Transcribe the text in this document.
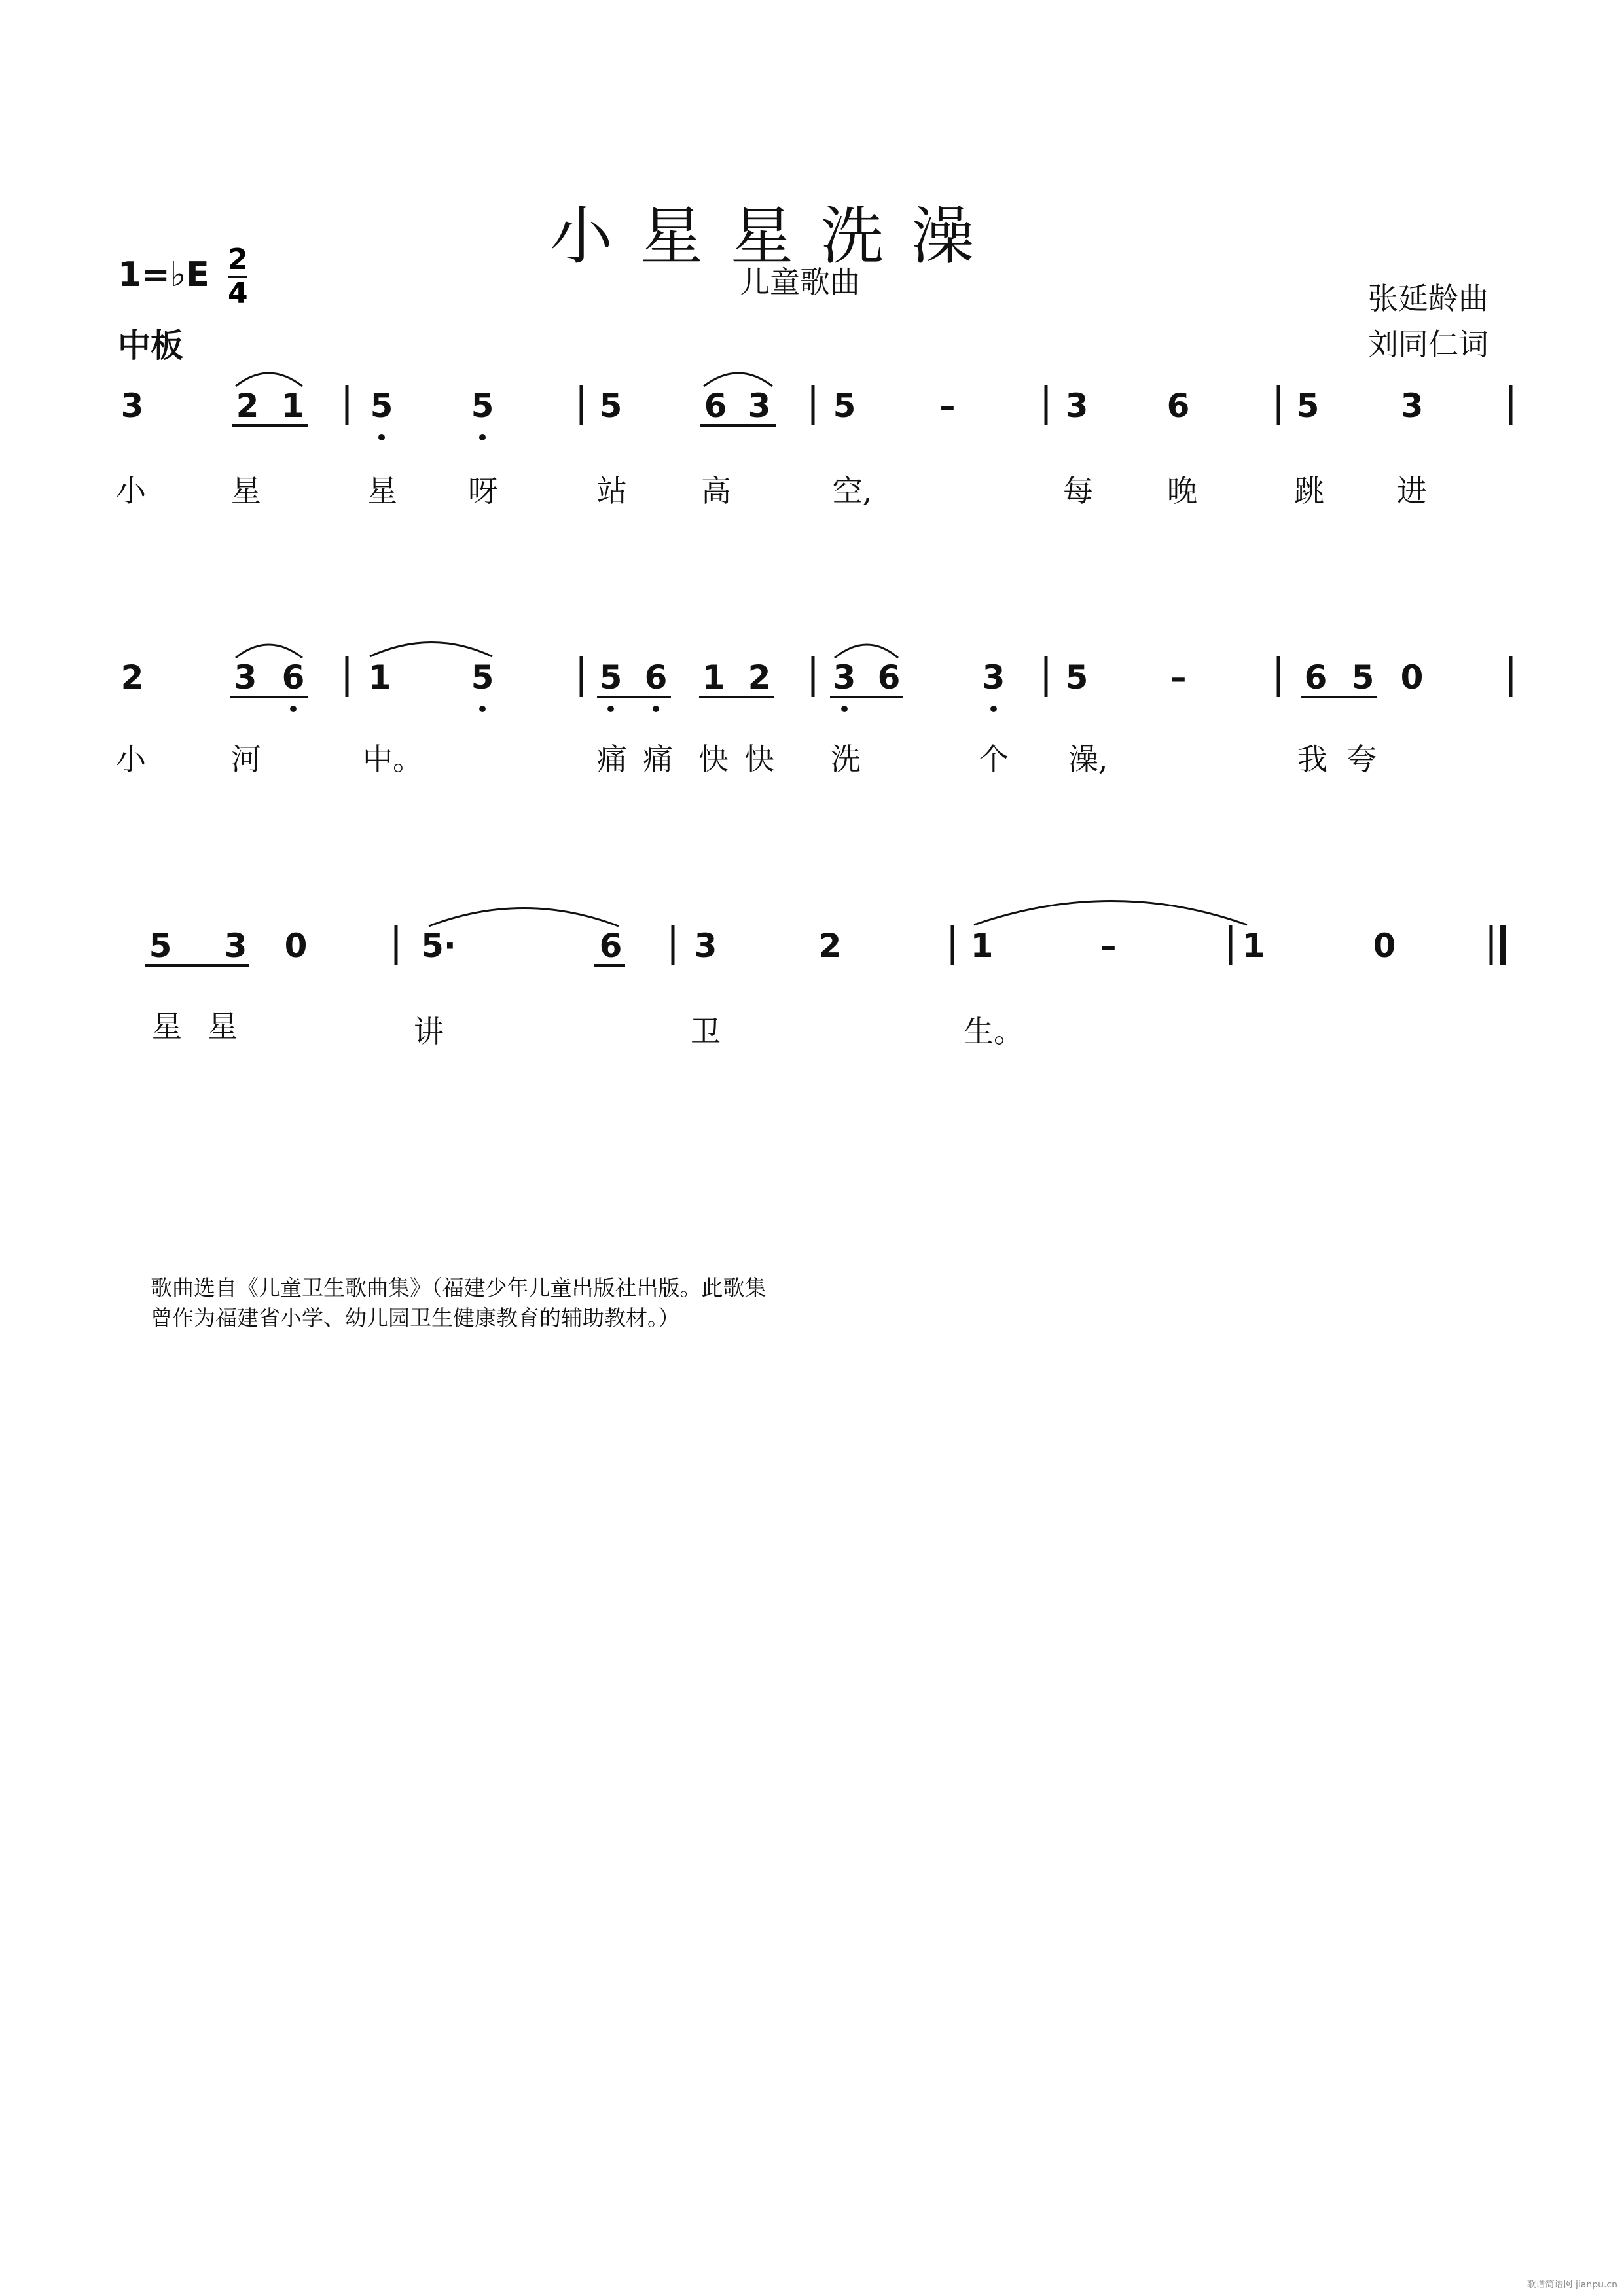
小星星洗澡
儿童歌曲	张延龄曲
刘同仁词
1=♭E 2
4
中板
3	2 1 5 5	5	6 3 5	–	3 6	5 3
小	星	星 呀	站 高	空,	每 晚	跳 进
2	3 6 1 5	5 6 1 2 3 6	3 5	–	6 5 0
小	河	中。	痛 痛 快 快 洗	个 澡,	我 夸
5 3 0	5·	6 3	2	1	–	1	0
星 星	讲	卫	生。
歌曲选自《儿童卫生歌曲集》（福建少年儿童出版社出版。此歌集曾作为福建省小学、幼儿园卫生健康教育的辅助教材。）
歌谱简谱网 jianpu.cn
